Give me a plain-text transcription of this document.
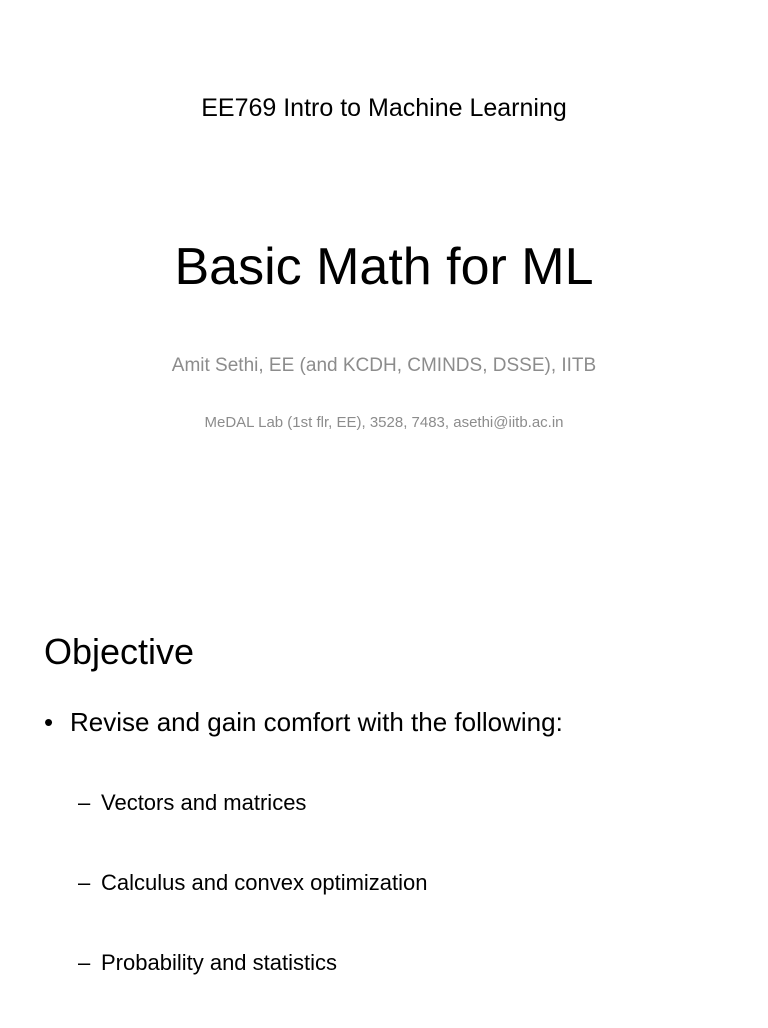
EE769 Intro to Machine Learning
Basic Math for ML
Amit Sethi, EE (and KCDH, CMINDS, DSSE), IITB
MeDAL Lab (1st flr, EE), 3528, 7483, asethi@iitb.ac.in
Objective
• Revise and gain comfort with the following:
– Vectors and matrices
– Calculus and convex optimization
– Probability and statistics
